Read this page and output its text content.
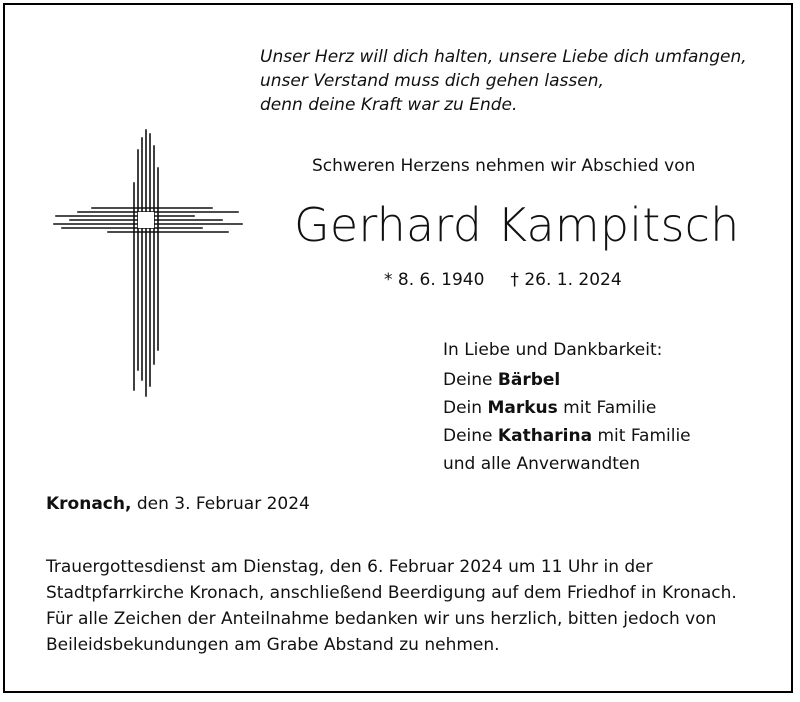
Unser Herz will dich halten, unsere Liebe dich umfangen,
unser Verstand muss dich gehen lassen,
denn deine Kraft war zu Ende.
Schweren Herzens nehmen wir Abschied von
Gerhard Kampitsch
* 8. 6. 1940 † 26. 1. 2024
In Liebe und Dankbarkeit:
Deine Bärbel
Dein Markus mit Familie
Deine Katharina mit Familie
und alle Anverwandten
Kronach, den 3. Februar 2024
Trauergottesdienst am Dienstag, den 6. Februar 2024 um 11 Uhr in der
Stadtpfarrkirche Kronach, anschließend Beerdigung auf dem Friedhof in Kronach.
Für alle Zeichen der Anteilnahme bedanken wir uns herzlich, bitten jedoch von
Beileidsbekundungen am Grabe Abstand zu nehmen.
